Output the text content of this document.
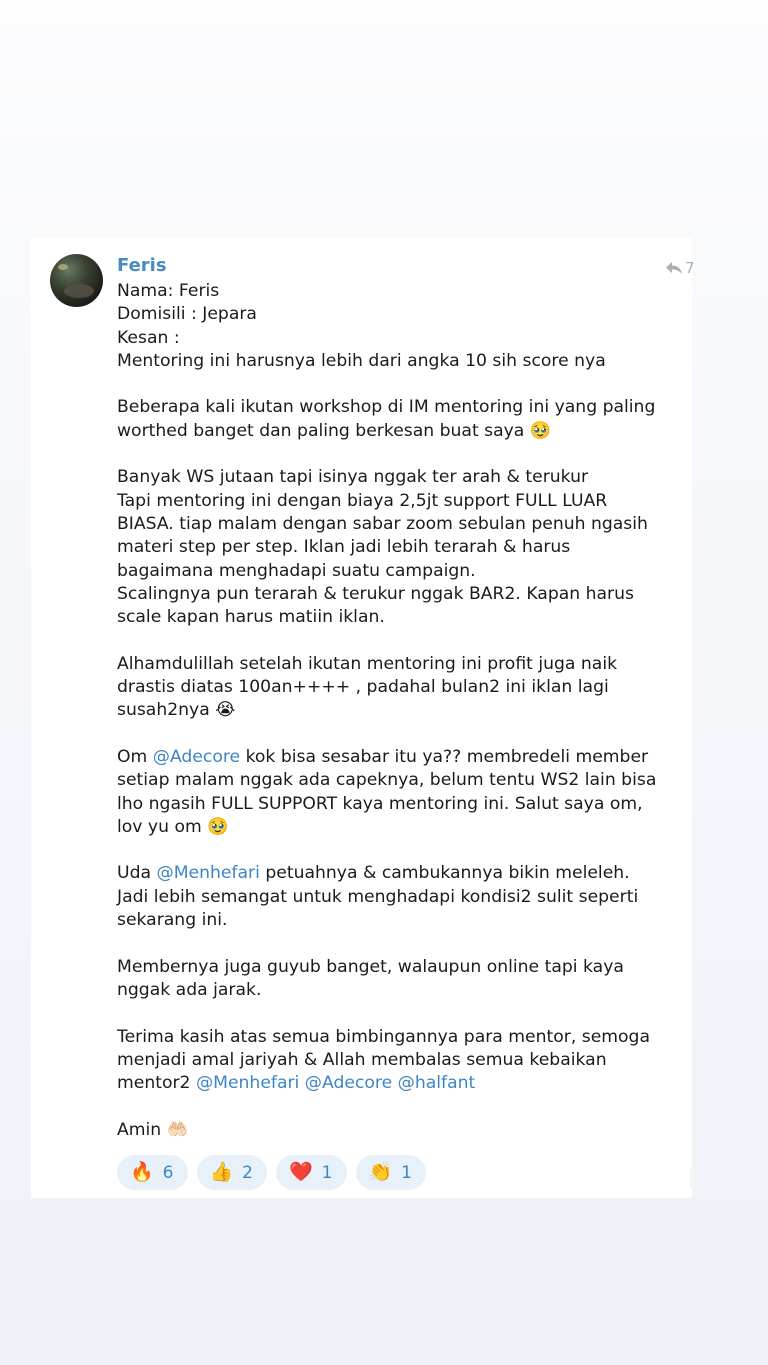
Feris	7
Nama: Feris
Domisili : Jepara
Kesan :
Mentoring ini harusnya lebih dari angka 10 sih score nya
Beberapa kali ikutan workshop di IM mentoring ini yang paling
worthed banget dan paling berkesan buat saya 🥹
Banyak WS jutaan tapi isinya nggak ter arah & terukur
Tapi mentoring ini dengan biaya 2,5jt support FULL LUAR
BIASA. tiap malam dengan sabar zoom sebulan penuh ngasih
materi step per step. Iklan jadi lebih terarah & harus
bagaimana menghadapi suatu campaign.
Scalingnya pun terarah & terukur nggak BAR2. Kapan harus
scale kapan harus matiin iklan.
Alhamdulillah setelah ikutan mentoring ini profit juga naik
drastis diatas 100an++++ , padahal bulan2 ini iklan lagi
susah2nya 😭
Om @Adecore kok bisa sesabar itu ya?? membredeli member
setiap malam nggak ada capeknya, belum tentu WS2 lain bisa
lho ngasih FULL SUPPORT kaya mentoring ini. Salut saya om,
lov yu om 🥹
Uda @Menhefari petuahnya & cambukannya bikin meleleh.
Jadi lebih semangat untuk menghadapi kondisi2 sulit seperti
sekarang ini.
Membernya juga guyub banget, walaupun online tapi kaya
nggak ada jarak.
Terima kasih atas semua bimbingannya para mentor, semoga
menjadi amal jariyah & Allah membalas semua kebaikan
mentor2 @Menhefari @Adecore @halfant
Amin 🤲🏻
🔥 6 👍 2 ❤️ 1 👏 1
